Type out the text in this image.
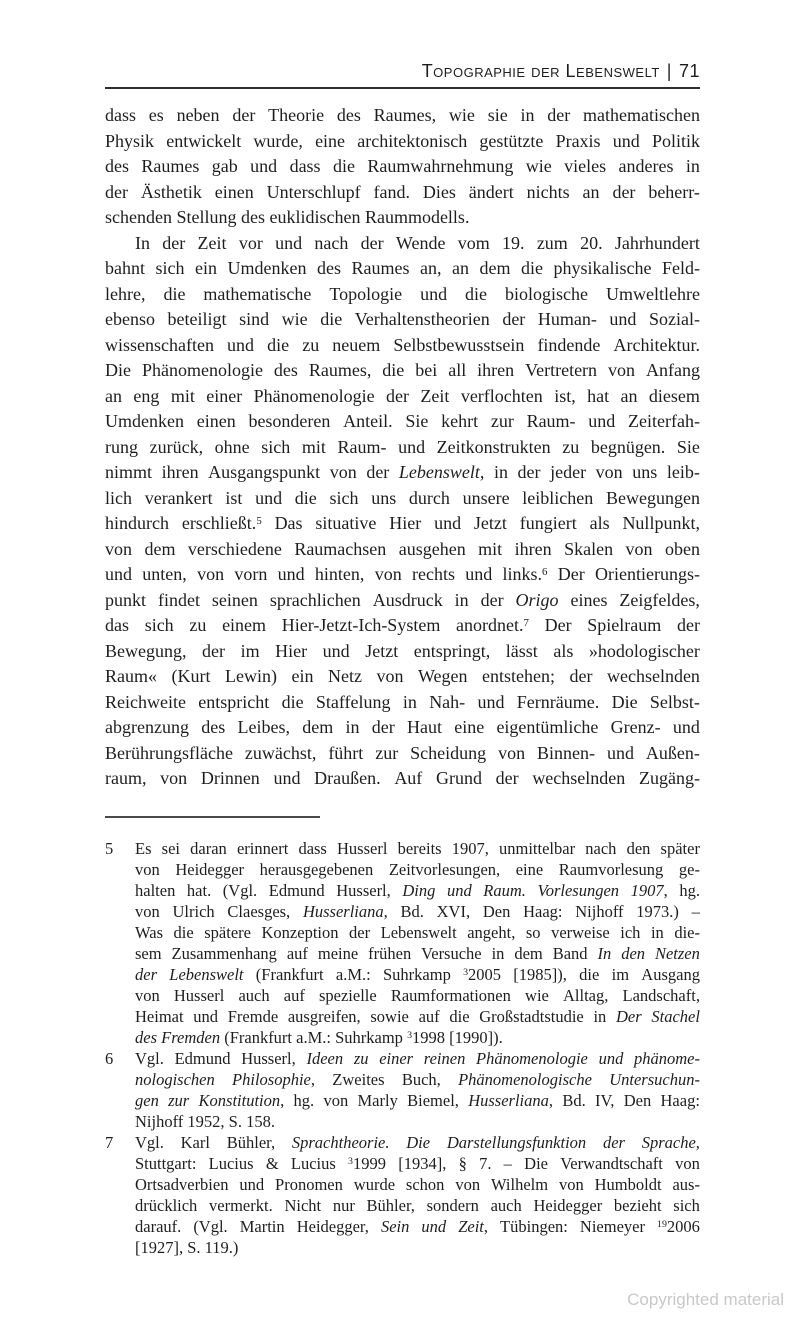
Topographie der Lebenswelt | 71
dass es neben der Theorie des Raumes, wie sie in der mathematischen
Physik entwickelt wurde, eine architektonisch gestützte Praxis und Politik
des Raumes gab und dass die Raumwahrnehmung wie vieles anderes in
der Ästhetik einen Unterschlupf fand. Dies ändert nichts an der beherr-
schenden Stellung des euklidischen Raummodells.
In der Zeit vor und nach der Wende vom 19. zum 20. Jahrhundert
bahnt sich ein Umdenken des Raumes an, an dem die physikalische Feld-
lehre, die mathematische Topologie und die biologische Umweltlehre
ebenso beteiligt sind wie die Verhaltenstheorien der Human- und Sozial-
wissenschaften und die zu neuem Selbstbewusstsein findende Architektur.
Die Phänomenologie des Raumes, die bei all ihren Vertretern von Anfang
an eng mit einer Phänomenologie der Zeit verflochten ist, hat an diesem
Umdenken einen besonderen Anteil. Sie kehrt zur Raum- und Zeiterfah-
rung zurück, ohne sich mit Raum- und Zeitkonstrukten zu begnügen. Sie
nimmt ihren Ausgangspunkt von der Lebenswelt, in der jeder von uns leib-
lich verankert ist und die sich uns durch unsere leiblichen Bewegungen
hindurch erschließt.$^5$ Das situative Hier und Jetzt fungiert als Nullpunkt,
von dem verschiedene Raumachsen ausgehen mit ihren Skalen von oben
und unten, von vorn und hinten, von rechts und links.$^6$ Der Orientierungs-
punkt findet seinen sprachlichen Ausdruck in der Origo eines Zeigfeldes,
das sich zu einem Hier-Jetzt-Ich-System anordnet.$^7$ Der Spielraum der
Bewegung, der im Hier und Jetzt entspringt, lässt als »hodologischer
Raum« (Kurt Lewin) ein Netz von Wegen entstehen; der wechselnden
Reichweite entspricht die Staffelung in Nah- und Fernräume. Die Selbst-
abgrenzung des Leibes, dem in der Haut eine eigentümliche Grenz- und
Berührungsfläche zuwächst, führt zur Scheidung von Binnen- und Außen-
raum, von Drinnen und Draußen. Auf Grund der wechselnden Zugäng-
5	Es sei daran erinnert dass Husserl bereits 1907, unmittelbar nach den später
von Heidegger herausgegebenen Zeitvorlesungen, eine Raumvorlesung ge-
halten hat. (Vgl. Edmund Husserl, Ding und Raum. Vorlesungen 1907, hg.
von Ulrich Claesges, Husserliana, Bd. XVI, Den Haag: Nijhoff 1973.) –
Was die spätere Konzeption der Lebenswelt angeht, so verweise ich in die-
sem Zusammenhang auf meine frühen Versuche in dem Band In den Netzen
der Lebenswelt (Frankfurt a.M.: Suhrkamp $^3$2005 [1985]), die im Ausgang
von Husserl auch auf spezielle Raumformationen wie Alltag, Landschaft,
Heimat und Fremde ausgreifen, sowie auf die Großstadtstudie in Der Stachel
des Fremden (Frankfurt a.M.: Suhrkamp $^3$1998 [1990]).
6	Vgl. Edmund Husserl, Ideen zu einer reinen Phänomenologie und phänome-
nologischen Philosophie, Zweites Buch, Phänomenologische Untersuchun-
gen zur Konstitution, hg. von Marly Biemel, Husserliana, Bd. IV, Den Haag:
Nijhoff 1952, S. 158.
7	Vgl. Karl Bühler, Sprachtheorie. Die Darstellungsfunktion der Sprache,
Stuttgart: Lucius & Lucius $^3$1999 [1934], § 7. – Die Verwandtschaft von
Ortsadverbien und Pronomen wurde schon von Wilhelm von Humboldt aus-
drücklich vermerkt. Nicht nur Bühler, sondern auch Heidegger bezieht sich
darauf. (Vgl. Martin Heidegger, Sein und Zeit, Tübingen: Niemeyer $^{19}$2006
[1927], S. 119.)
Copyrighted material
